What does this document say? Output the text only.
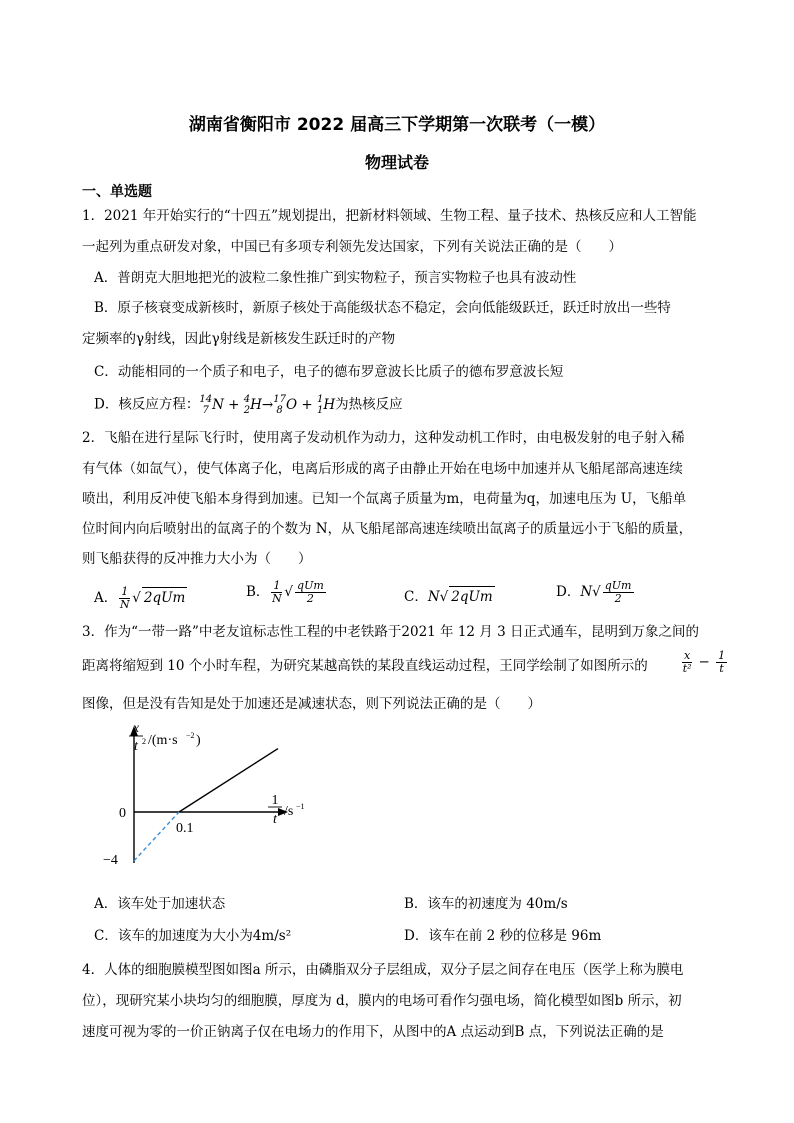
湖南省衡阳市 2022 届高三下学期第一次联考（一模）
物理试卷
一、单选题
1．2021 年开始实行的“十四五”规划提出，把新材料领域、生物工程、量子技术、热核反应和人工智能
一起列为重点研发对象，中国已有多项专利领先发达国家，下列有关说法正确的是（　　）
A．普朗克大胆地把光的波粒二象性推广到实物粒子，预言实物粒子也具有波动性
B．原子核衰变成新核时，新原子核处于高能级状态不稳定，会向低能级跃迁，跃迁时放出一些特
定频率的γ射线，因此γ射线是新核发生跃迁时的产物
C．动能相同的一个质子和电子，电子的德布罗意波长比质子的德布罗意波长短
D．核反应方程： 14
7 N + 4
2 H→ 17
8 O + 1
1 H为热核反应
2．飞船在进行星际飞行时，使用离子发动机作为动力，这种发动机工作时，由电极发射的电子射入稀
有气体（如氙气），使气体离子化，电离后形成的离子由静止开始在电场中加速并从飞船尾部高速连续
喷出，利用反冲使飞船本身得到加速。已知一个氙离子质量为m，电荷量为q，加速电压为 U，飞船单
位时间内向后喷射出的氙离子的个数为 N，从飞船尾部高速连续喷出氙离子的质量远小于飞船的质量，
则飞船获得的反冲推力大小为（　　）
A． $\frac{1}{N}$ √ 2qUm	B． $\frac{1}{N}$ √ $\frac{\text{qUm}}{2}$	C．N√ 2qUm	D．$N√ \frac{\text{qUm}}{2}$
3．作为“一带一路”中老友谊标志性工程的中老铁路于2021 年 12 月 3 日正式通车，昆明到万象之间的
距离将缩短到 10 个小时车程，为研究某越高铁的某段直线运动过程，王同学绘制了如图所示的	$\frac{x}{\text{t²}} - \frac{1}{t}$
图像，但是没有告知是处于加速还是减速状态，则下列说法正确的是（　　）
x
t 2 /(m·s −2 )
1
t
/s −1
0
0.1
−4
A．该车处于加速状态	B．该车的初速度为 40m/s
C．该车的加速度为大小为4m/s²	D．该车在前 2 秒的位移是 96m
4．人体的细胞膜模型图如图a 所示，由磷脂双分子层组成，双分子层之间存在电压（医学上称为膜电
位），现研究某小块均匀的细胞膜，厚度为 d，膜内的电场可看作匀强电场，简化模型如图b 所示，初
速度可视为零的一价正钠离子仅在电场力的作用下，从图中的A 点运动到B 点，下列说法正确的是
